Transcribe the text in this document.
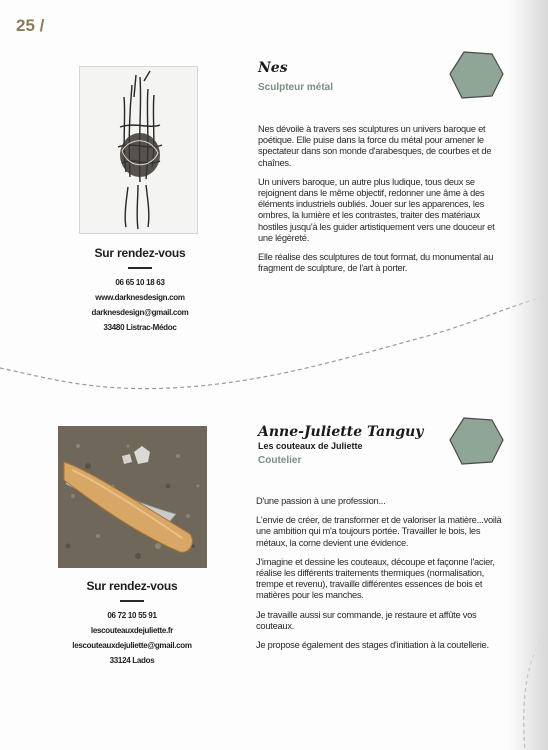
25 /
Sur rendez-vous
06 65 10 18 63
www.darknesdesign.com
darknesdesign@gmail.com
33480 Listrac-Médoc
Nes
Sculpteur métal

Nes dévoile à travers ses sculptures un univers baroque et poétique. Elle puise dans la force du métal pour amener le spectateur dans son monde d'arabesques, de courbes et de chaînes.

Un univers baroque, un autre plus ludique, tous deux se rejoignent dans le même objectif, redonner une âme à des éléments industriels oubliés. Jouer sur les apparences, les ombres, la lumière et les contrastes, traiter des matériaux hostiles jusqu'à les guider artistiquement vers une douceur et une légèreté.

Elle réalise des sculptures de tout format, du monumental au fragment de sculpture, de l'art à porter.

Sur rendez-vous
06 72 10 55 91
lescouteauxdejuliette.fr
lescouteauxdejuliette@gmail.com
33124 Lados
Anne-Juliette Tanguy
Les couteaux de Juliette
Coutelier

D'une passion à une profession...

L'envie de créer, de transformer et de valoriser la matière...voilà une ambition qui m'a toujours portée. Travailler le bois, les métaux, la corne devient une évidence.

J'imagine et dessine les couteaux, découpe et façonne l'acier, réalise les différents traitements thermiques (normalisation, trempe et revenu), travaille différentes essences de bois et matières pour les manches.

Je travaille aussi sur commande, je restaure et affûte vos couteaux.

Je propose également des stages d'initiation à la coutellerie.
